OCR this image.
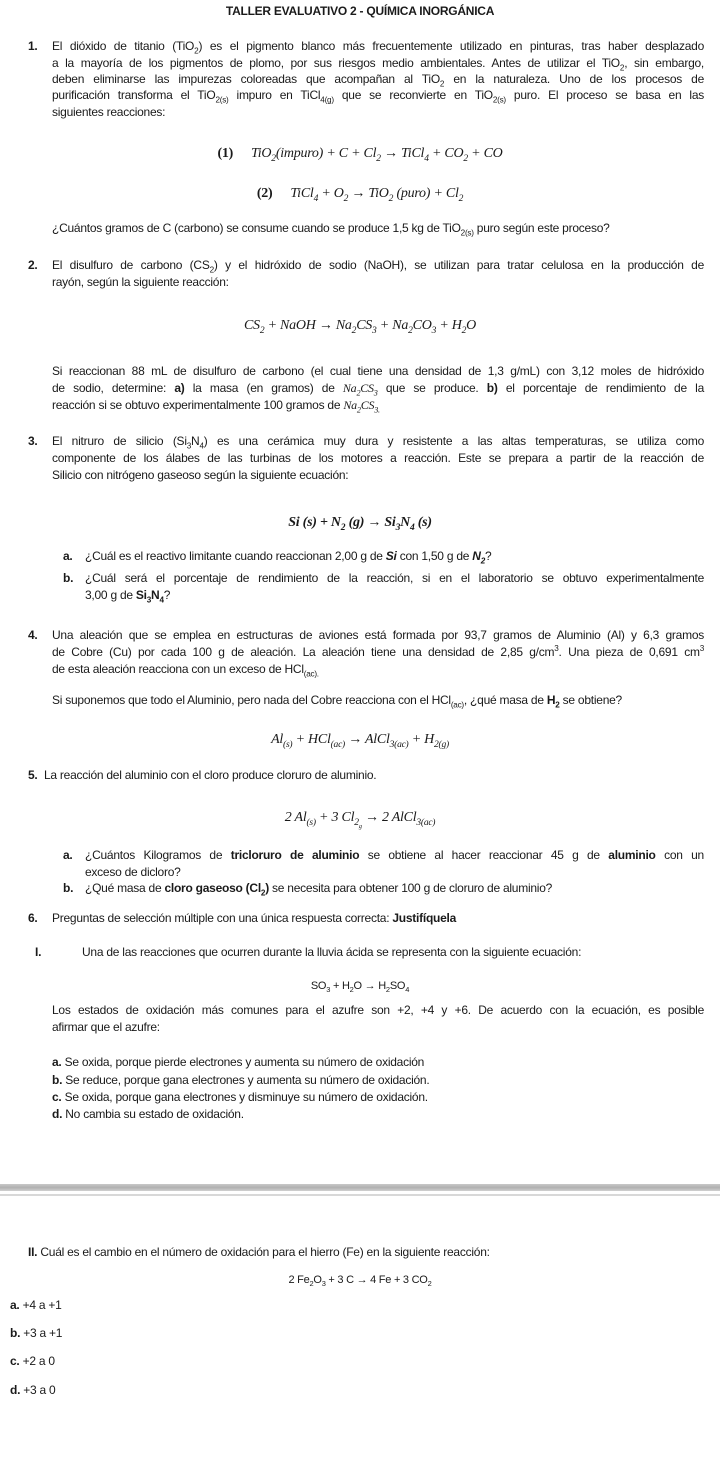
TALLER EVALUATIVO 2 - QUÍMICA INORGÁNICA
1. El dióxido de titanio (TiO$_2$) es el pigmento blanco más frecuentemente utilizado en pinturas, tras haber desplazado
a la mayoría de los pigmentos de plomo, por sus riesgos medio ambientales. Antes de utilizar el TiO$_2$, sin embargo,
deben eliminarse las impurezas coloreadas que acompañan al TiO$_2$ en la naturaleza. Uno de los procesos de
purificación transforma el TiO$_{2(s)}$ impuro en TiCl$_{4(g)}$ que se reconvierte en TiO$_{2(s)}$ puro. El proceso se basa en las
siguientes reacciones:
(1) TiO$_2$(impuro) + $C + Cl_2$ → TiCl$_4$ + $CO_2$ + CO
(2) TiCl$_4$ + $O_2 \to TiO_2$ (puro) + $Cl_2$
¿Cuántos gramos de C (carbono) se consume cuando se produce 1,5 kg de TiO$_{2(s)}$ puro según este proceso?
2. El disulfuro de carbono $(CS_2)$ y el hidróxido de sodio (NaOH), se utilizan para tratar celulosa en la producción de
rayón, según la siguiente reacción:
$CS_2$ + NaOH → $Na_2CS_3 + Na_2CO_3 + H_2O$
Si reaccionan 88 mL de disulfuro de carbono (el cual tiene una densidad de 1,3 g/mL) con 3,12 moles de hidróxido
de sodio, determine: a) la masa (en gramos) de $Na_2CS_3$ que se produce. b) el porcentaje de rendimiento de la
reacción si se obtuvo experimentalmente 100 gramos de $Na_2CS_{3.}$
3. El nitruro de silicio $(Si_3N_4)$ es una cerámica muy dura y resistente a las altas temperaturas, se utiliza como
componente de los álabes de las turbinas de los motores a reacción. Este se prepara a partir de la reacción de
Silicio con nitrógeno gaseoso según la siguiente ecuación:
Si $(s) + N_2$ $(g) \to Si_3N_4$ (s)
a. ¿Cuál es el reactivo limitante cuando reaccionan 2,00 g de Si con 1,50 g de $N_2$?
b. ¿Cuál será el porcentaje de rendimiento de la reacción, si en el laboratorio se obtuvo experimentalmente
3,00 g de $Si_3N_4$?
4. Una aleación que se emplea en estructuras de aviones está formada por 93,7 gramos de Aluminio (Al) y 6,3 gramos
de Cobre (Cu) por cada 100 g de aleación. La aleación tiene una densidad de 2,85 $g/cm^3$. Una pieza de 0,691 $cm^3$
de esta aleación reacciona con un exceso de HCl$_{(ac).}$
Si suponemos que todo el Aluminio, pero nada del Cobre reacciona con el HCl$_{(ac)}$, ¿qué masa de $H_2$ se obtiene?
$Al_{(s)} + HCl_{(ac)}$ → AlCl$_{3(ac)}$ + $H_{2(g)}$
5. La reacción del aluminio con el cloro produce cloruro de aluminio.
2 $Al_{(s)} + 3$ $Cl_{2_g} \to 2$ AlCl$_{3(ac)}$
a. ¿Cuántos Kilogramos de tricloruro de aluminio se obtiene al hacer reaccionar 45 g de aluminio con un
exceso de dicloro?
b. ¿Qué masa de cloro gaseoso $(Cl_2)$ se necesita para obtener 100 g de cloruro de aluminio?
6. Preguntas de selección múltiple con una única respuesta correcta: Justifíquela
I.	Una de las reacciones que ocurren durante la lluvia ácida se representa con la siguiente ecuación:
$SO_3 + H_2O \to H_2SO_4$
Los estados de oxidación más comunes para el azufre son +2, +4 y +6. De acuerdo con la ecuación, es posible
afirmar que el azufre:
a. Se oxida, porque pierde electrones y aumenta su número de oxidación
b. Se reduce, porque gana electrones y aumenta su número de oxidación.
c. Se oxida, porque gana electrones y disminuye su número de oxidación.
d. No cambia su estado de oxidación.
II. Cuál es el cambio en el número de oxidación para el hierro (Fe) en la siguiente reacción:
2 $Fe_2O_3 + 3$ C → 4 Fe + 3 $CO_2$
a. +4 a +1
b. +3 a +1
c. +2 a 0
d. +3 a 0
